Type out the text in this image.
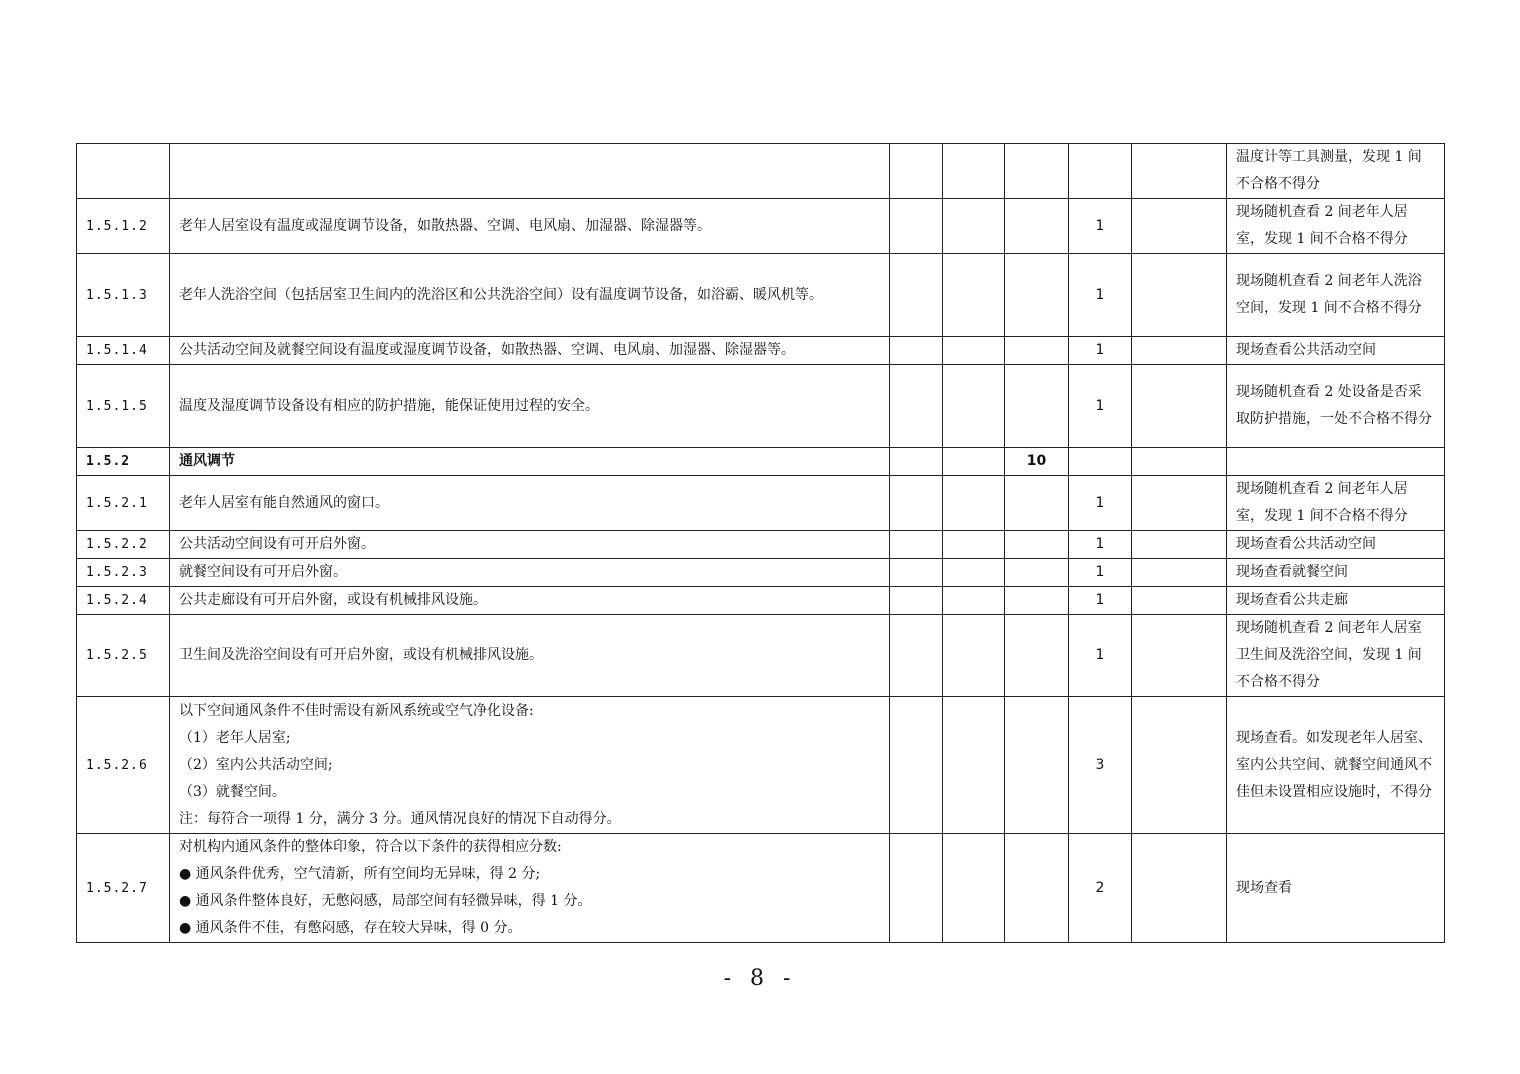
						温度计等工具测量，发现 1 间不合格不得分
1.5.1.2	老年人居室设有温度或湿度调节设备，如散热器、空调、电风扇、加湿器、除湿器等。				1		现场随机查看 2 间老年人居室，发现 1 间不合格不得分
1.5.1.3	老年人洗浴空间（包括居室卫生间内的洗浴区和公共洗浴空间）设有温度调节设备，如浴霸、暖风机等。				1		现场随机查看 2 间老年人洗浴空间，发现 1 间不合格不得分
1.5.1.4	公共活动空间及就餐空间设有温度或湿度调节设备，如散热器、空调、电风扇、加湿器、除湿器等。				1		现场查看公共活动空间
1.5.1.5	温度及湿度调节设备设有相应的防护措施，能保证使用过程的安全。				1		现场随机查看 2 处设备是否采取防护措施，一处不合格不得分
1.5.2	通风调节			10			
1.5.2.1	老年人居室有能自然通风的窗口。				1		现场随机查看 2 间老年人居室，发现 1 间不合格不得分
1.5.2.2	公共活动空间设有可开启外窗。				1		现场查看公共活动空间
1.5.2.3	就餐空间设有可开启外窗。				1		现场查看就餐空间
1.5.2.4	公共走廊设有可开启外窗，或设有机械排风设施。				1		现场查看公共走廊
1.5.2.5	卫生间及洗浴空间设有可开启外窗，或设有机械排风设施。				1		现场随机查看 2 间老年人居室卫生间及洗浴空间，发现 1 间不合格不得分
1.5.2.6	以下空间通风条件不佳时需设有新风系统或空气净化设备:
（1）老年人居室;
（2）室内公共活动空间;
（3）就餐空间。
注：每符合一项得 1 分，满分 3 分。通风情况良好的情况下自动得分。				3		现场查看。如发现老年人居室、室内公共空间、就餐空间通风不佳但未设置相应设施时，不得分
1.5.2.7	对机构内通风条件的整体印象，符合以下条件的获得相应分数:
● 通风条件优秀，空气清新，所有空间均无异味，得 2 分;
● 通风条件整体良好，无憋闷感，局部空间有轻微异味，得 1 分。
● 通风条件不佳，有憋闷感，存在较大异味，得 0 分。				2		现场查看
- 8 -
